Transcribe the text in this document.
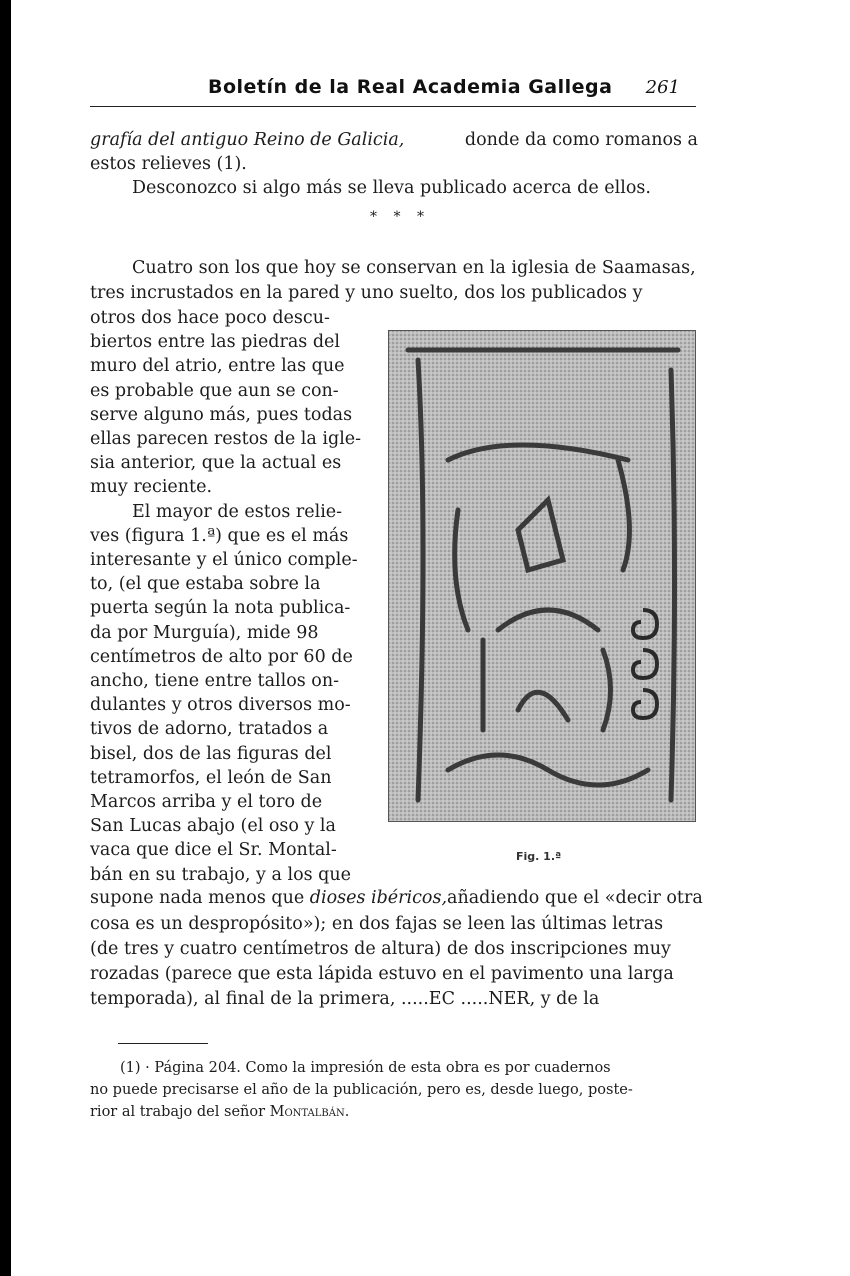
Boletín de la Real Academia Gallega 261
grafía del antiguo Reino de Galicia,	donde da como romanos a
estos relieves (1).
Desconozco si algo más se lleva publicado acerca de ellos.
* * *
Cuatro son los que hoy se conservan en la iglesia de Saamasas,
tres incrustados en la pared y uno suelto, dos los publicados y
otros dos hace poco descu-
biertos entre las piedras del
muro del atrio, entre las que
es probable que aun se con-
serve alguno más, pues todas
ellas parecen restos de la igle-
sia anterior, que la actual es
muy reciente.
El mayor de estos relie-
ves (figura 1.ª) que es el más
interesante y el único comple-
to, (el que estaba sobre la
puerta según la nota publica-
da por Murguía), mide 98
centímetros de alto por 60 de
ancho, tiene entre tallos on-
dulantes y otros diversos mo-
tivos de adorno, tratados a
bisel, dos de las figuras del
tetramorfos, el león de San
Marcos arriba y el toro de
San Lucas abajo (el oso y la
vaca que dice el Sr. Montal-
bán en su trabajo, y a los que
Fig. 1.ª
supone nada menos que dioses ibéricos, añadiendo que el «decir otra
cosa es un despropósito»); en dos fajas se leen las últimas letras
(de tres y cuatro centímetros de altura) de dos inscripciones muy
rozadas (parece que esta lápida estuvo en el pavimento una larga
temporada), al final de la primera, .....EC .....NER, y de la
(1) · Página 204. Como la impresión de esta obra es por cuadernos
no puede precisarse el año de la publicación, pero es, desde luego, poste-
rior al trabajo del señor
Montalbán.
